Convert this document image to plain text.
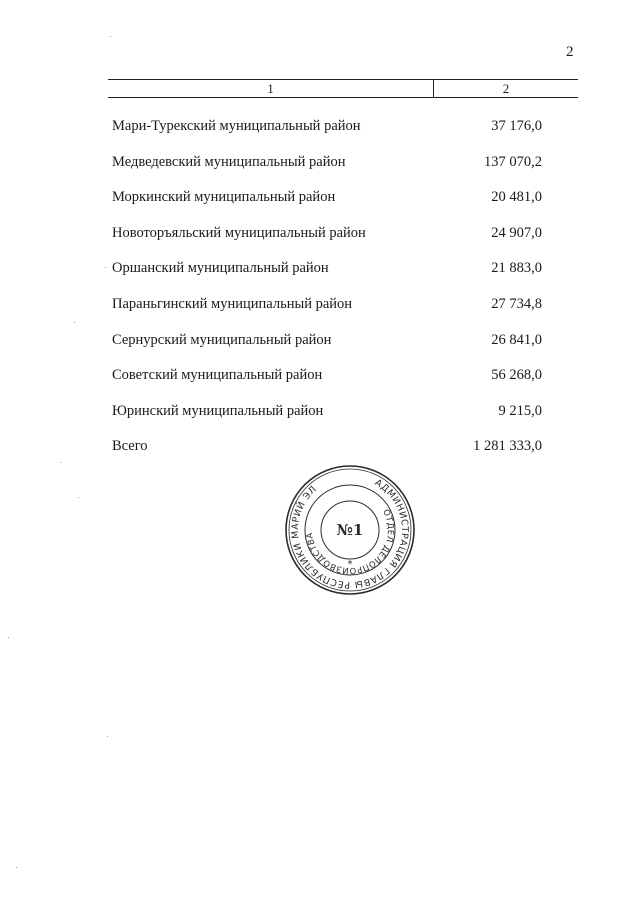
2
1	2
Мари-Турекский муниципальный район	37 176,0
Медведевский муниципальный район	137 070,2
Моркинский муниципальный район	20 481,0
Новоторъяльский муниципальный район	24 907,0
Оршанский муниципальный район	21 883,0
Параньгинский муниципальный район	27 734,8
Сернурский муниципальный район	26 841,0
Советский муниципальный район	56 268,0
Юринский муниципальный район	9 215,0
Всего	1 281 333,0
АДМИНИСТРАЦИЯ ГЛАВЫ РЕСПУБЛИКИ МАРИЙ ЭЛ
ОТДЕЛ ДЕЛОПРОИЗВОДСТВА	№1
*
